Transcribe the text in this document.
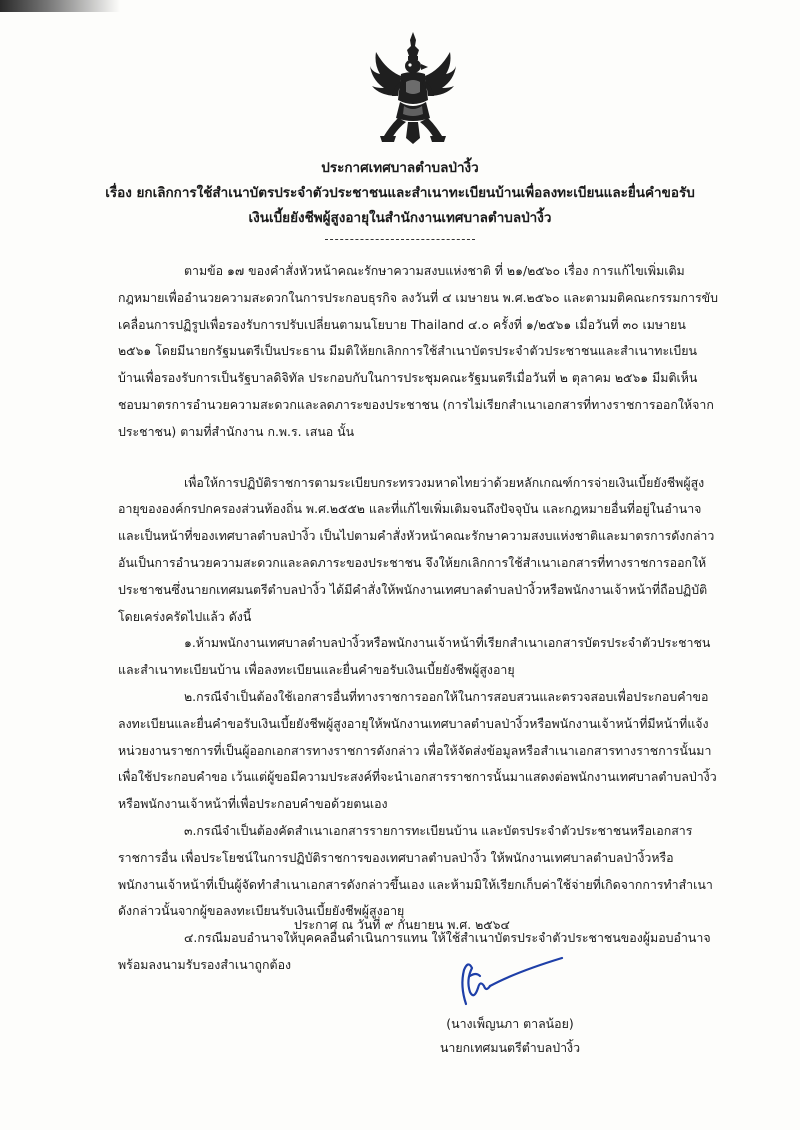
ประกาศเทศบาลตำบลป่างิ้ว
เรื่อง ยกเลิกการใช้สำเนาบัตรประจำตัวประชาชนและสำเนาทะเบียนบ้านเพื่อลงทะเบียนและยื่นคำขอรับ
เงินเบี้ยยังชีพผู้สูงอายุในสำนักงานเทศบาลตำบลป่างิ้ว

ตามข้อ ๑๗ ของคำสั่งหัวหน้าคณะรักษาความสงบแห่งชาติ ที่ ๒๑/๒๕๖๐ เรื่อง การแก้ไขเพิ่มเติมกฎหมายเพื่ออำนวยความสะดวกในการประกอบธุรกิจ ลงวันที่ ๔ เมษายน พ.ศ.๒๕๖๐ และตามมติคณะกรรมการขับเคลื่อนการปฏิรูปเพื่อรองรับการปรับเปลี่ยนตามนโยบาย Thailand ๔.๐ ครั้งที่ ๑/๒๕๖๑ เมื่อวันที่ ๓๐ เมษายน ๒๕๖๑ โดยมีนายกรัฐมนตรีเป็นประธาน มีมติให้ยกเลิกการใช้สำเนาบัตรประจำตัวประชาชนและสำเนาทะเบียนบ้านเพื่อรองรับการเป็นรัฐบาลดิจิทัล ประกอบกับในการประชุมคณะรัฐมนตรีเมื่อวันที่ ๒ ตุลาคม ๒๕๖๑ มีมติเห็นชอบมาตรการอำนวยความสะดวกและลดภาระของประชาชน (การไม่เรียกสำเนาเอกสารที่ทางราชการออกให้จากประชาชน) ตามที่สำนักงาน ก.พ.ร. เสนอ นั้น

เพื่อให้การปฏิบัติราชการตามระเบียบกระทรวงมหาดไทยว่าด้วยหลักเกณฑ์การจ่ายเงินเบี้ยยังชีพผู้สูงอายุขององค์กรปกครองส่วนท้องถิ่น พ.ศ.๒๕๕๒ และที่แก้ไขเพิ่มเติมจนถึงปัจจุบัน และกฎหมายอื่นที่อยู่ในอำนาจและเป็นหน้าที่ของเทศบาลตำบลป่างิ้ว เป็นไปตามคำสั่งหัวหน้าคณะรักษาความสงบแห่งชาติและมาตรการดังกล่าวอันเป็นการอำนวยความสะดวกและลดภาระของประชาชน จึงให้ยกเลิกการใช้สำเนาเอกสารที่ทางราชการออกให้ประชาชนซึ่งนายกเทศมนตรีตำบลป่างิ้ว ได้มีคำสั่งให้พนักงานเทศบาลตำบลป่างิ้วหรือพนักงานเจ้าหน้าที่ถือปฏิบัติโดยเคร่งครัดไปแล้ว ดังนี้

๑.ห้ามพนักงานเทศบาลตำบลป่างิ้วหรือพนักงานเจ้าหน้าที่เรียกสำเนาเอกสารบัตรประจำตัวประชาชนและสำเนาทะเบียนบ้าน เพื่อลงทะเบียนและยื่นคำขอรับเงินเบี้ยยังชีพผู้สูงอายุ

๒.กรณีจำเป็นต้องใช้เอกสารอื่นที่ทางราชการออกให้ในการสอบสวนและตรวจสอบเพื่อประกอบคำขอลงทะเบียนและยื่นคำขอรับเงินเบี้ยยังชีพผู้สูงอายุให้พนักงานเทศบาลตำบลป่างิ้วหรือพนักงานเจ้าหน้าที่มีหน้าที่แจ้งหน่วยงานราชการที่เป็นผู้ออกเอกสารทางราชการดังกล่าว เพื่อให้จัดส่งข้อมูลหรือสำเนาเอกสารทางราชการนั้นมาเพื่อใช้ประกอบคำขอ เว้นแต่ผู้ขอมีความประสงค์ที่จะนำเอกสารราชการนั้นมาแสดงต่อพนักงานเทศบาลตำบลป่างิ้วหรือพนักงานเจ้าหน้าที่เพื่อประกอบคำขอด้วยตนเอง

๓.กรณีจำเป็นต้องคัดสำเนาเอกสารรายการทะเบียนบ้าน และบัตรประจำตัวประชาชนหรือเอกสารราชการอื่น เพื่อประโยชน์ในการปฏิบัติราชการของเทศบาลตำบลป่างิ้ว ให้พนักงานเทศบาลตำบลป่างิ้วหรือพนักงานเจ้าหน้าที่เป็นผู้จัดทำสำเนาเอกสารดังกล่าวขึ้นเอง และห้ามมิให้เรียกเก็บค่าใช้จ่ายที่เกิดจากการทำสำเนาดังกล่าวนั้นจากผู้ขอลงทะเบียนรับเงินเบี้ยยังชีพผู้สูงอายุ

๔.กรณีมอบอำนาจให้บุคคลอื่นดำเนินการแทน ให้ใช้สำเนาบัตรประจำตัวประชาชนของผู้มอบอำนาจพร้อมลงนามรับรองสำเนาถูกต้อง

ประกาศ ณ วันที่ ๙ กันยายน พ.ศ. ๒๕๖๔
(นางเพ็ญนภา ตาลน้อย)
นายกเทศมนตรีตำบลป่างิ้ว
